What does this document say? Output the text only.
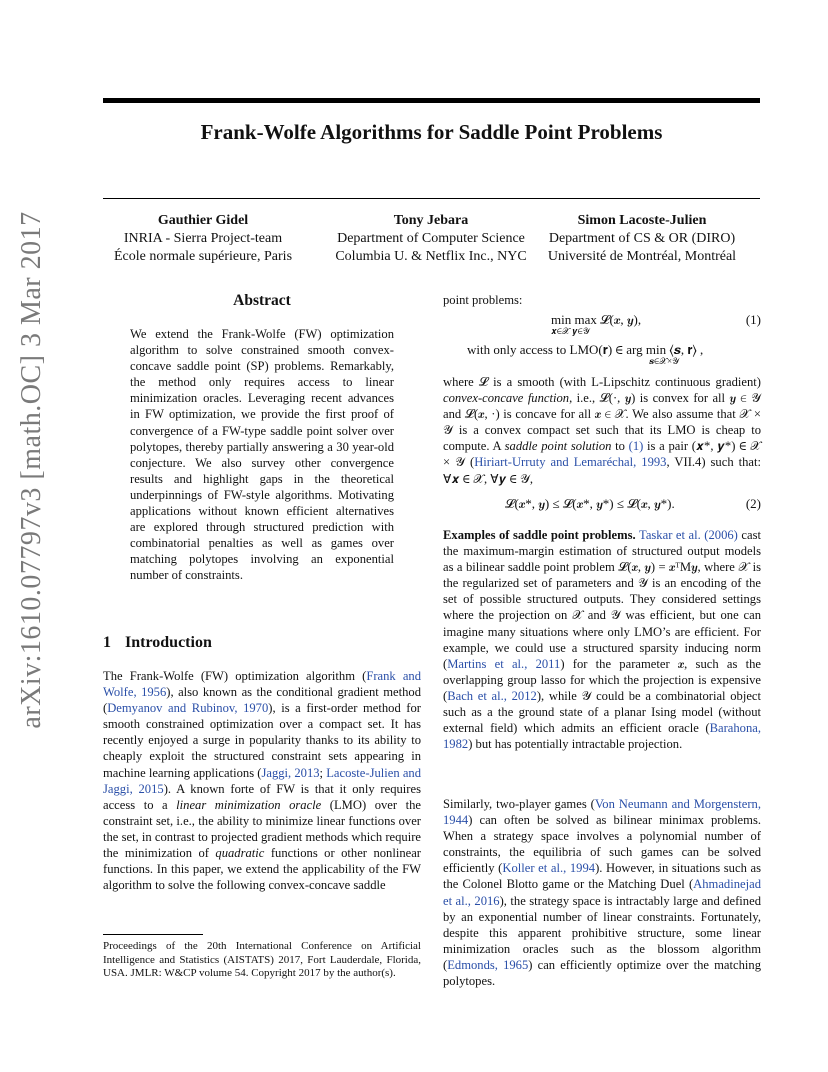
arXiv:1610.07797v3 [math.OC] 3 Mar 2017
Frank-Wolfe Algorithms for Saddle Point Problems
Gauthier Gidel
INRIA - Sierra Project-team
École normale supérieure, Paris
Tony Jebara
Department of Computer Science
Columbia U. & Netflix Inc., NYC
Simon Lacoste-Julien
Department of CS & OR (DIRO)
Université de Montréal, Montréal
Abstract
We extend the Frank-Wolfe (FW) optimization algorithm to solve constrained smooth convex-concave saddle point (SP) problems. Remarkably, the method only requires access to linear minimization oracles. Leveraging recent advances in FW optimization, we provide the first proof of convergence of a FW-type saddle point solver over polytopes, thereby partially answering a 30 year-old conjecture. We also survey other convergence results and highlight gaps in the theoretical underpinnings of FW-style algorithms. Motivating applications without known efficient alternatives are explored through structured prediction with combinatorial penalties as well as games over matching polytopes involving an exponential number of constraints.
1 Introduction
The Frank-Wolfe (FW) optimization algorithm (Frank and Wolfe, 1956), also known as the conditional gradient method (Demyanov and Rubinov, 1970), is a first-order method for smooth constrained optimization over a compact set. It has recently enjoyed a surge in popularity thanks to its ability to cheaply exploit the structured constraint sets appearing in machine learning applications (Jaggi, 2013; Lacoste-Julien and Jaggi, 2015). A known forte of FW is that it only requires access to a linear minimization oracle (LMO) over the constraint set, i.e., the ability to minimize linear functions over the set, in contrast to projected gradient methods which require the minimization of quadratic functions or other nonlinear functions. In this paper, we extend the applicability of the FW algorithm to solve the following convex-concave saddle
Proceedings of the 20th International Conference on Artificial Intelligence and Statistics (AISTATS) 2017, Fort Lauderdale, Florida, USA. JMLR: W&CP volume 54. Copyright 2017 by the author(s).
point problems:
min max 𝓛(𝒙, 𝒚),
𝒙∈𝒳 𝒚∈𝒴
(1)
with only access to LMO(𝐫) ∈ arg min ⟨𝒔, 𝐫⟩ ,
𝒔∈𝒳×𝒴
where 𝓛 is a smooth (with L-Lipschitz continuous gradient) convex-concave function, i.e., 𝓛(·, 𝒚) is convex for all 𝒚 ∈ 𝒴 and 𝓛(𝒙, ·) is concave for all 𝒙 ∈ 𝒳. We also assume that 𝒳 × 𝒴 is a convex compact set such that its LMO is cheap to compute. A saddle point solution to (1) is a pair (𝒙*, 𝒚*) ∈ 𝒳 × 𝒴 (Hiriart-Urruty and Lemaréchal, 1993, VII.4) such that: ∀𝒙 ∈ 𝒳, ∀𝒚 ∈ 𝒴,
𝓛(𝒙*, 𝒚) ≤ 𝓛(𝒙*, 𝒚*) ≤ 𝓛(𝒙, 𝒚*).	(2)
Examples of saddle point problems. Taskar et al. (2006) cast the maximum-margin estimation of structured output models as a bilinear saddle point problem 𝓛(𝒙, 𝒚) = 𝒙ᵀM𝒚, where 𝒳 is the regularized set of parameters and 𝒴 is an encoding of the set of possible structured outputs. They considered settings where the projection on 𝒳 and 𝒴 was efficient, but one can imagine many situations where only LMO’s are efficient. For example, we could use a structured sparsity inducing norm (Martins et al., 2011) for the parameter 𝒙, such as the overlapping group lasso for which the projection is expensive (Bach et al., 2012), while 𝒴 could be a combinatorial object such as a the ground state of a planar Ising model (without external field) which admits an efficient oracle (Barahona, 1982) but has potentially intractable projection.
Similarly, two-player games (Von Neumann and Morgenstern, 1944) can often be solved as bilinear minimax problems. When a strategy space involves a polynomial number of constraints, the equilibria of such games can be solved efficiently (Koller et al., 1994). However, in situations such as the Colonel Blotto game or the Matching Duel (Ahmadinejad et al., 2016), the strategy space is intractably large and defined by an exponential number of linear constraints. Fortunately, despite this apparent prohibitive structure, some linear minimization oracles such as the blossom algorithm (Edmonds, 1965) can efficiently optimize over the matching polytopes.
